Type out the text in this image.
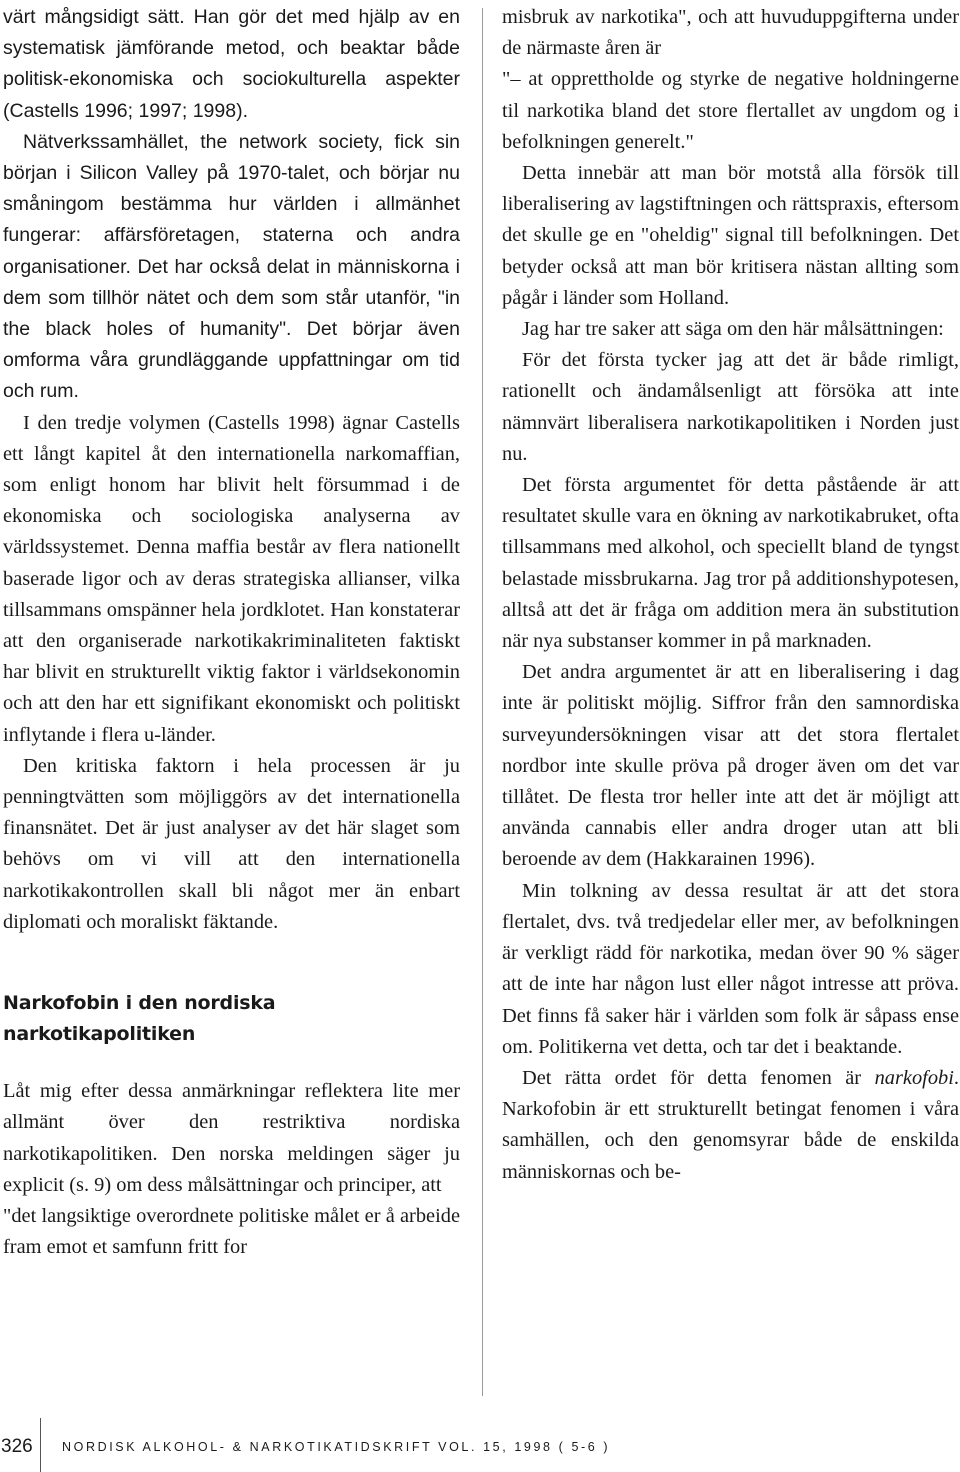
värt mångsidigt sätt. Han gör det med hjälp av en systematisk jämförande metod, och beaktar både politisk-ekonomiska och sociokulturella aspekter (Castells 1996; 1997; 1998).

Nätverkssamhället, the network society, fick sin början i Silicon Valley på 1970-talet, och börjar nu småningom bestämma hur världen i allmänhet fungerar: affärsföretagen, staterna och andra organisationer. Det har också delat in människorna i dem som tillhör nätet och dem som står utanför, "in the black holes of humanity". Det börjar även omforma våra grundläggande uppfattningar om tid och rum.

I den tredje volymen (Castells 1998) ägnar Castells ett långt kapitel åt den internationella narkomaffian, som enligt honom har blivit helt försummad i de ekonomiska och sociologiska analyserna av världssystemet. Denna maffia består av flera nationellt baserade ligor och av deras strategiska allianser, vilka tillsammans omspänner hela jordklotet. Han konstaterar att den organiserade narkotikakriminaliteten faktiskt har blivit en strukturellt viktig faktor i världsekonomin och att den har ett signifikant ekonomiskt och politiskt inflytande i flera u-länder.

Den kritiska faktorn i hela processen är ju penningtvätten som möjliggörs av det internationella finansnätet. Det är just analyser av det här slaget som behövs om vi vill att den internationella narkotikakontrollen skall bli något mer än enbart diplomati och moraliskt fäktande.

Narkofobin i den nordiska narkotikapolitiken

Låt mig efter dessa anmärkningar reflektera lite mer allmänt över den restriktiva nordiska narkotikapolitiken. Den norska meldingen säger ju explicit (s. 9) om dess målsättningar och principer, att

"det langsiktige overordnete politiske målet er å arbeide fram emot et samfunn fritt for

misbruk av narkotika", och att huvuduppgifterna under de närmaste åren är

"– at opprettholde og styrke de negative holdningerne til narkotika bland det store flertallet av ungdom og i befolkningen generelt."

Detta innebär att man bör motstå alla försök till liberalisering av lagstiftningen och rättspraxis, eftersom det skulle ge en "oheldig" signal till befolkningen. Det betyder också att man bör kritisera nästan allting som pågår i länder som Holland.

Jag har tre saker att säga om den här målsättningen:

För det första tycker jag att det är både rimligt, rationellt och ändamålsenligt att försöka att inte nämnvärt liberalisera narkotikapolitiken i Norden just nu.

Det första argumentet för detta påstående är att resultatet skulle vara en ökning av narkotikabruket, ofta tillsammans med alkohol, och speciellt bland de tyngst belastade missbrukarna. Jag tror på additionshypotesen, alltså att det är fråga om addition mera än substitution när nya substanser kommer in på marknaden.

Det andra argumentet är att en liberalisering i dag inte är politiskt möjlig. Siffror från den samnordiska surveyundersökningen visar att det stora flertalet nordbor inte skulle pröva på droger även om det var tillåtet. De flesta tror heller inte att det är möjligt att använda cannabis eller andra droger utan att bli beroende av dem (Hakkarainen 1996).

Min tolkning av dessa resultat är att det stora flertalet, dvs. två tredjedelar eller mer, av befolkningen är verkligt rädd för narkotika, medan över 90 % säger att de inte har någon lust eller något intresse att pröva. Det finns få saker här i världen som folk är såpass ense om. Politikerna vet detta, och tar det i beaktande.

Det rätta ordet för detta fenomen är narkofobi. Narkofobin är ett strukturellt betingat fenomen i våra samhällen, och den genomsyrar både de enskilda människornas och be-

326 NORDISK ALKOHOL- & NARKOTIKATIDSKRIFT VOL. 15, 1998 ( 5-6 )
